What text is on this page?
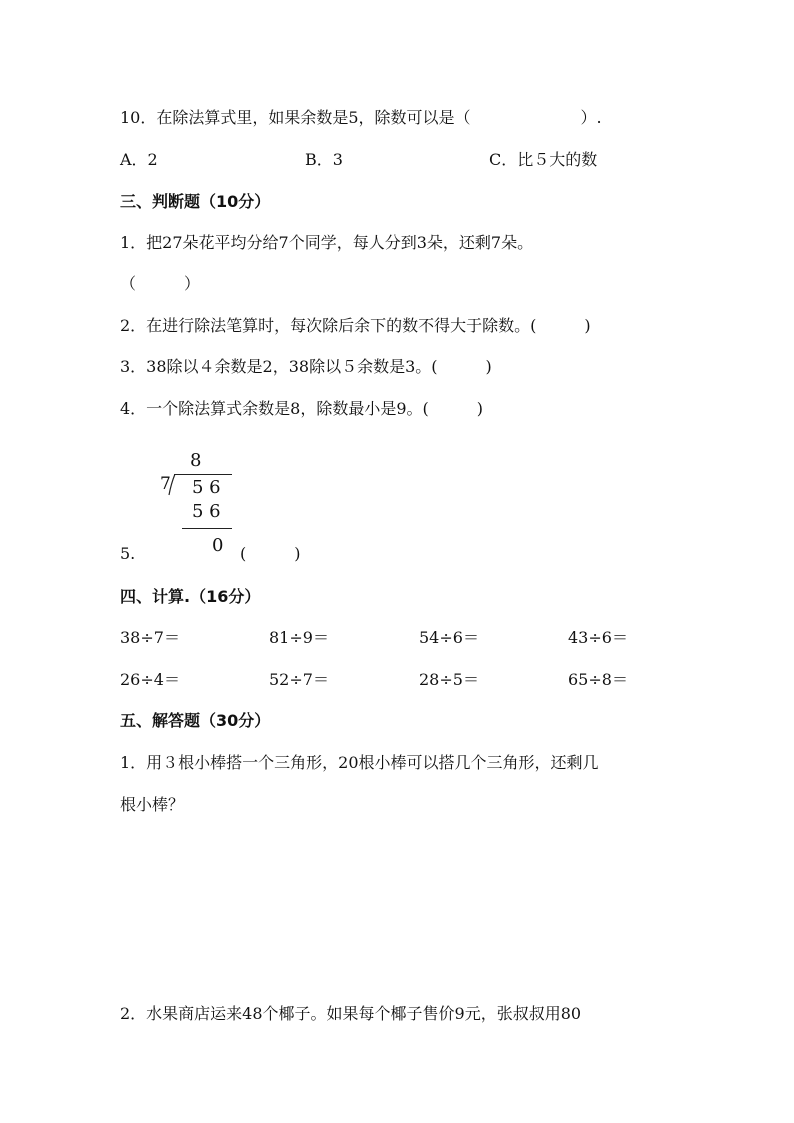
10．在除法算式里，如果余数是5，除数可以是（	）.
A．2	B．3	C．比５大的数
三、判断题（10分）
1．把27朵花平均分给7个同学，每人分到3朵，还剩7朵。
（　　　）
2．在进行除法笔算时，每次除后余下的数不得大于除数。(　　　)
3．38除以４余数是2，38除以５余数是3。(　　　)
4．一个除法算式余数是8，除数最小是9。(　　　)
8
7 5 6
5 6
0
5.	(　　　)
四、计算.（16分）
38÷7＝	81÷9＝	54÷6＝	43÷6＝
26÷4＝	52÷7＝	28÷5＝	65÷8＝
五、解答题（30分）
1．用３根小棒搭一个三角形，20根小棒可以搭几个三角形，还剩几
根小棒？
2．水果商店运来48个椰子。如果每个椰子售价9元，张叔叔用80
